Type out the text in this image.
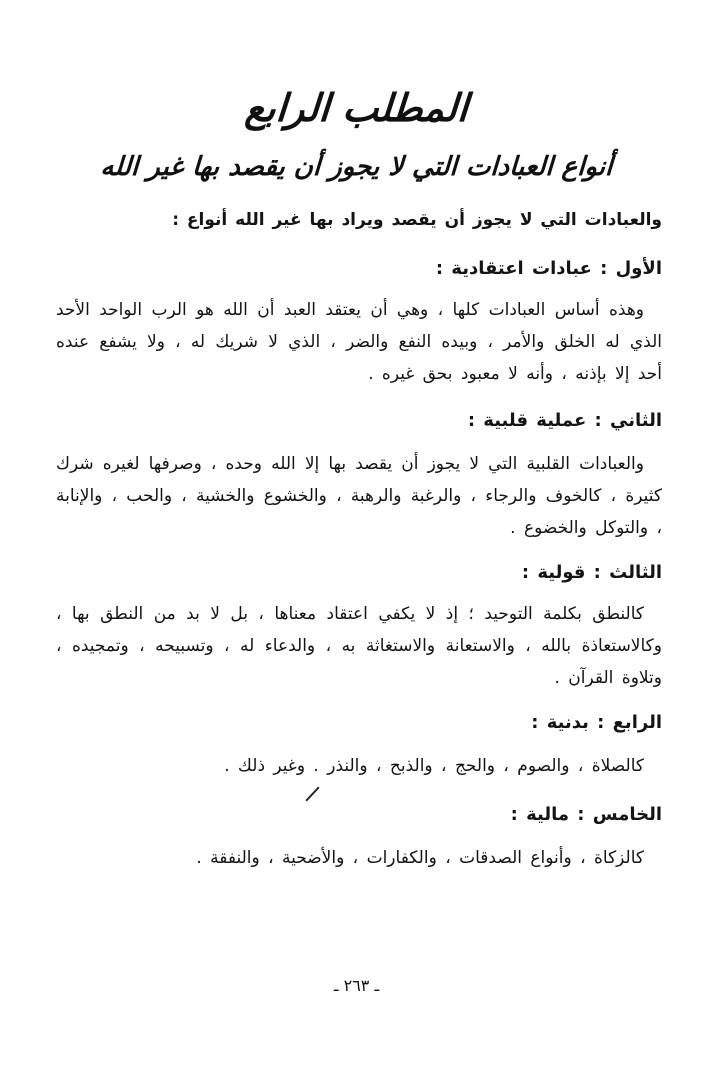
المطلب الرابع
أنواع العبادات التي لا يجوز أن يقصد بها غير الله
والعبادات التي لا يجوز أن يقصد ويراد بها غير الله أنواع :
الأول : عبادات اعتقادية :
وهذه أساس العبادات كلها ، وهي أن يعتقد العبد أن الله هو الرب الواحد الأحد الذي له الخلق والأمر ، وبيده النفع والضر ، الذي لا شريك له ، ولا يشفع عنده أحد إلا بإذنه ، وأنه لا معبود بحق غيره .
الثاني : عملية قلبية :
والعبادات القلبية التي لا يجوز أن يقصد بها إلا الله وحده ، وصرفها لغيره شرك كثيرة ، كالخوف والرجاء ، والرغبة والرهبة ، والخشوع والخشية ، والحب ، والإنابة ، والتوكل والخضوع .
الثالث : قولية :
كالنطق بكلمة التوحيد ؛ إذ لا يكفي اعتقاد معناها ، بل لا بد من النطق بها ، وكالاستعاذة بالله ، والاستعانة والاستغاثة به ، والدعاء له ، وتسبيحه ، وتمجيده ، وتلاوة القرآن .
الرابع : بدنية :
كالصلاة ، والصوم ، والحج ، والذبح ، والنذر . وغير ذلك .
الخامس : مالية :
كالزكاة ، وأنواع الصدقات ، والكفارات ، والأضحية ، والنفقة .
ـ ٢٦٣ ـ
